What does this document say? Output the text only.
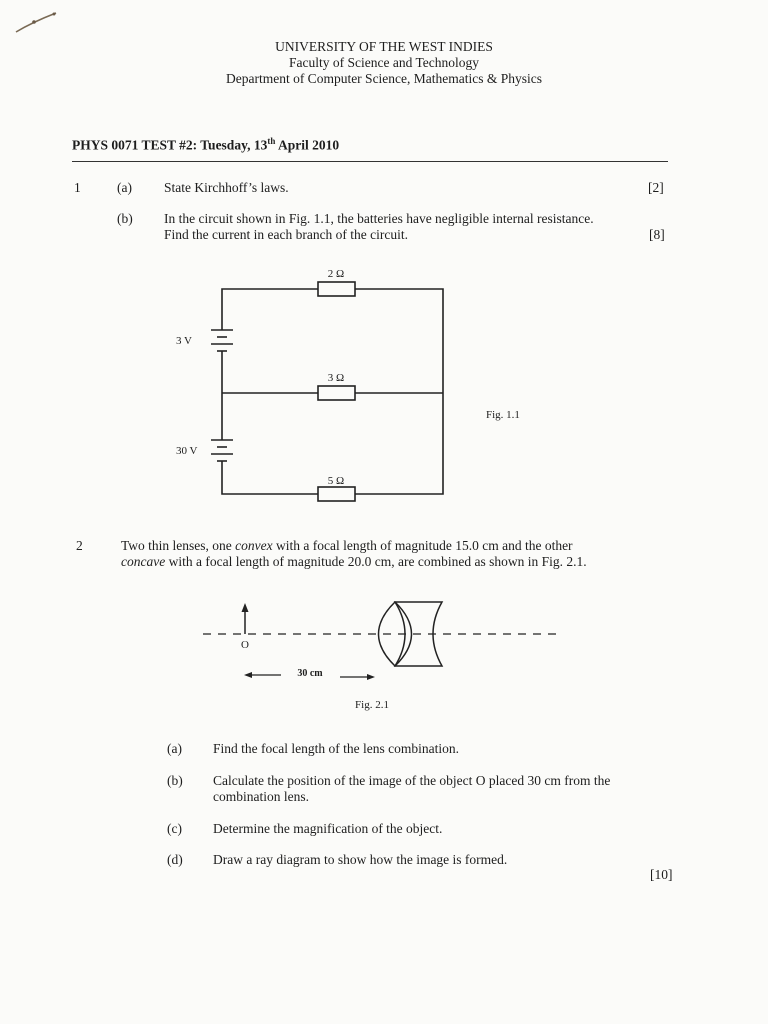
UNIVERSITY OF THE WEST INDIES
Faculty of Science and Technology
Department of Computer Science, Mathematics & Physics
PHYS 0071 TEST #2: Tuesday, 13th April 2010
1	(a) State Kirchhoff’s laws.	[2]
(b) In the circuit shown in Fig. 1.1, the batteries have negligible internal resistance.
Find the current in each branch of the circuit.	[8]
2 Ω
3 Ω
5 Ω
3 V
30 V
Fig. 1.1
2	Two thin lenses, one convex with a focal length of magnitude 15.0 cm and the other
concave with a focal length of magnitude 20.0 cm, are combined as shown in Fig. 2.1.
O
30 cm
Fig. 2.1
(a) Find the focal length of the lens combination.
(b) Calculate the position of the image of the object O placed 30 cm from the
combination lens.
(c) Determine the magnification of the object.
(d) Draw a ray diagram to show how the image is formed.
[10]
